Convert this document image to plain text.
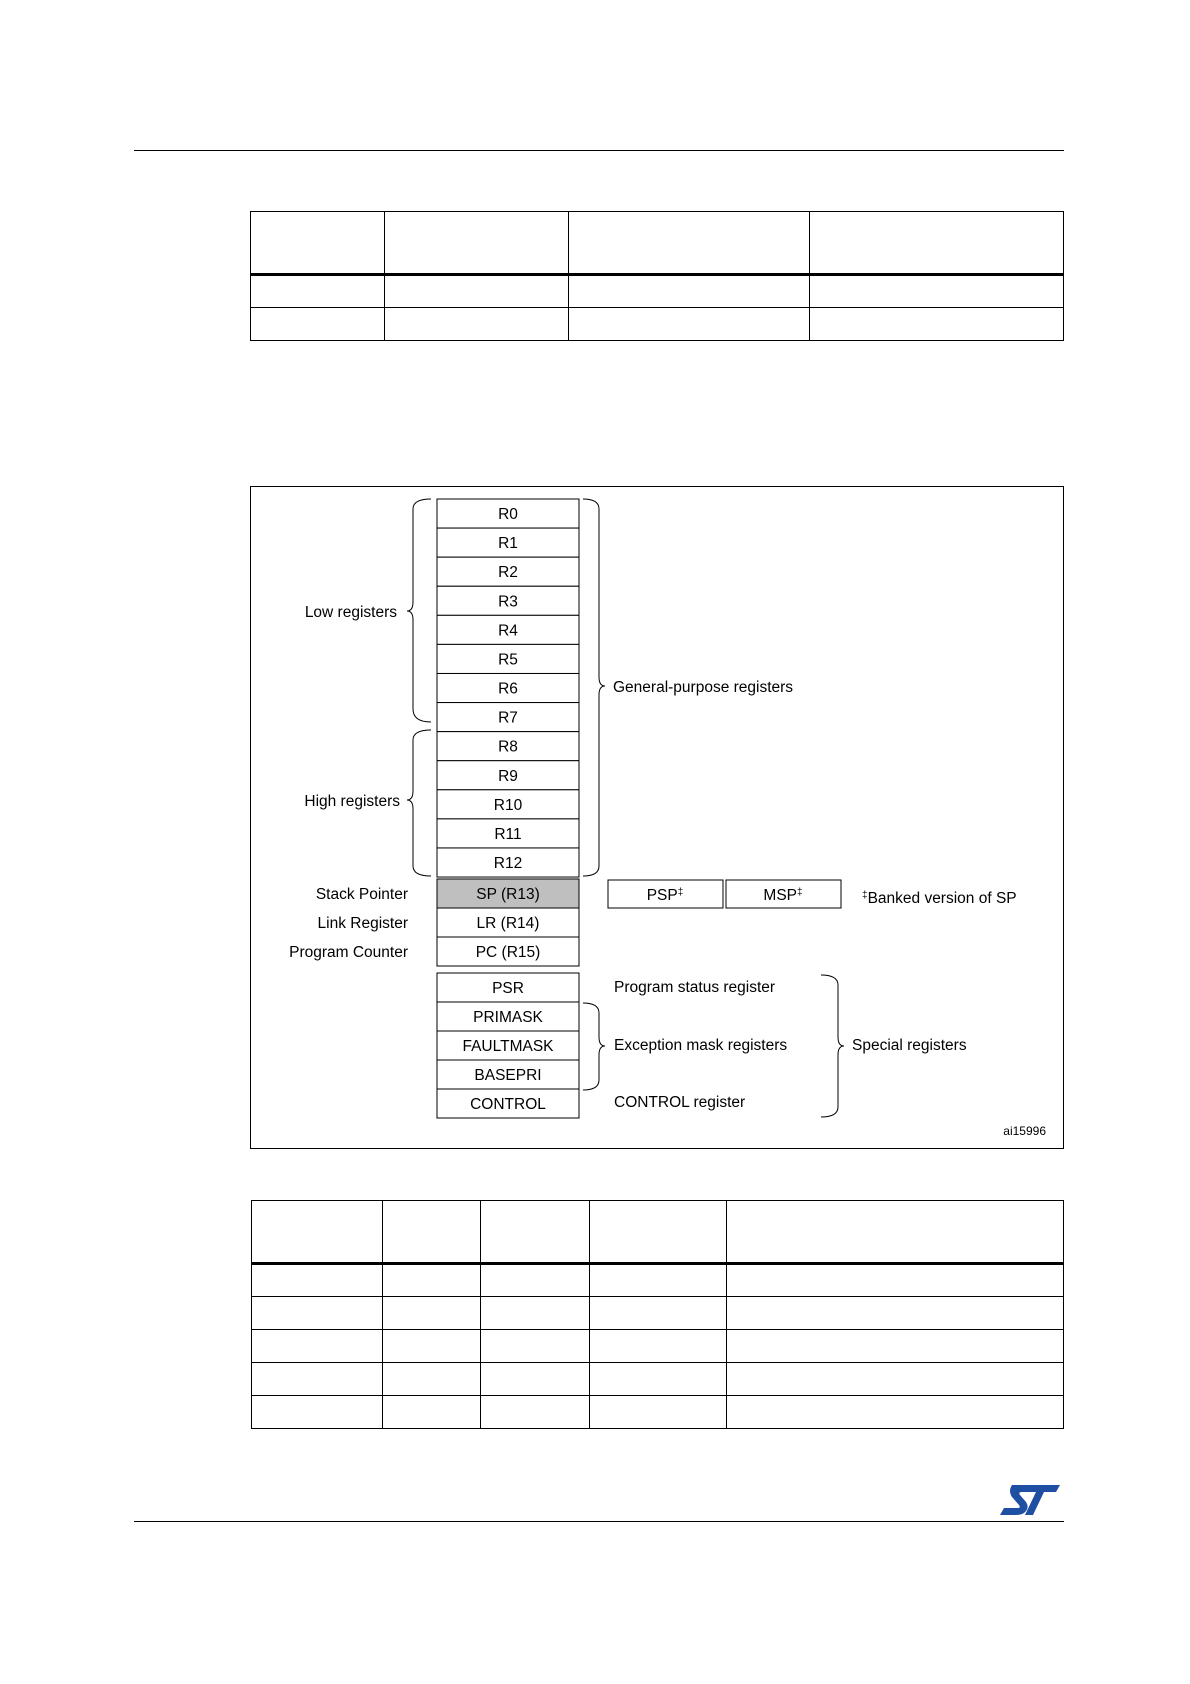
R0
R1
R2
R3
R4
R5
R6
R7
R8
R9
R10
R11
R12
SP (R13)
LR (R14)
PC (R15)
PSR
PRIMASK
FAULTMASK
BASEPRI
CONTROL
PSP‡	MSP‡	‡Banked version of SP
Low registers
High registers
General-purpose registers
Stack Pointer
Link Register
Program Counter
Program status register
Exception mask registers
CONTROL register
Special registers
ai15996
